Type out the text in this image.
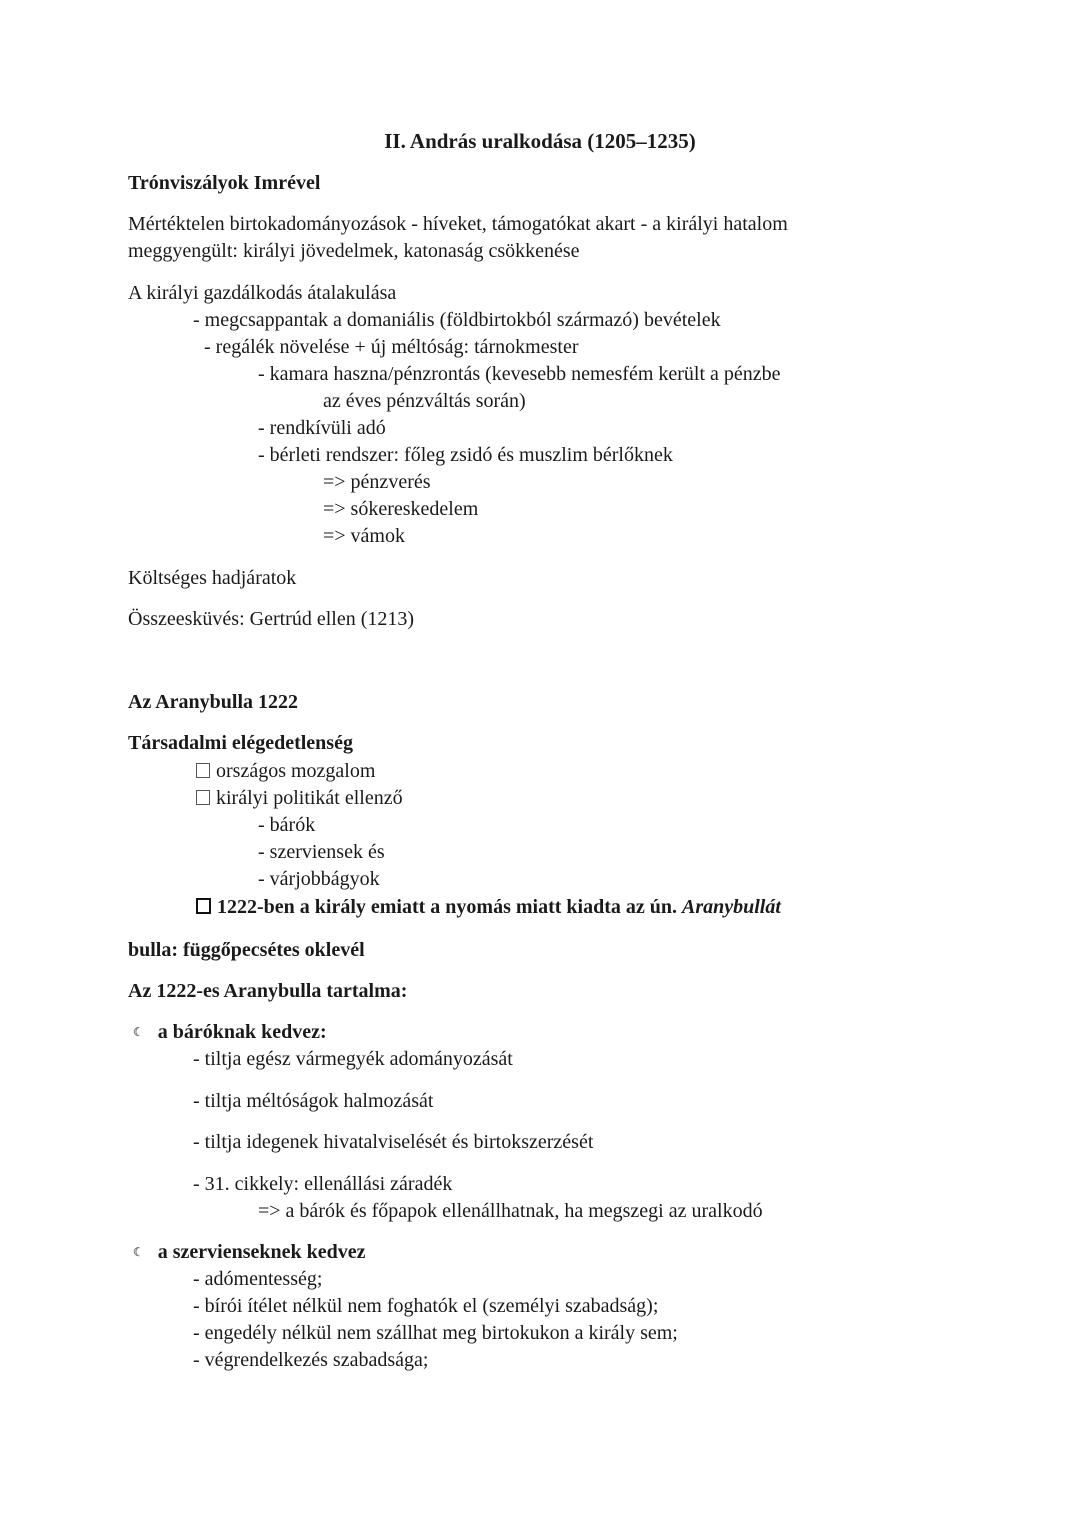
II. András uralkodása (1205–1235)
Trónviszályok Imrével
Mértéktelen birtokadományozások - híveket, támogatókat akart - a királyi hatalom
meggyengült: királyi jövedelmek, katonaság csökkenése
A királyi gazdálkodás átalakulása
- megcsappantak a domaniális (földbirtokból származó) bevételek
- regálék növelése + új méltóság: tárnokmester
- kamara haszna/pénzrontás (kevesebb nemesfém került a pénzbe
az éves pénzváltás során)
- rendkívüli adó
- bérleti rendszer: főleg zsidó és muszlim bérlőknek
=> pénzverés
=> sókereskedelem
=> vámok
Költséges hadjáratok
Összeesküvés: Gertrúd ellen (1213)
Az Aranybulla 1222
Társadalmi elégedetlenség
országos mozgalom
királyi politikát ellenző
- bárók
- szerviensek és
- várjobbágyok
1222-ben a király emiatt a nyomás miatt kiadta az ún. Aranybullát
bulla: függőpecsétes oklevél
Az 1222-es Aranybulla tartalma:
☾ a báróknak kedvez:
- tiltja egész vármegyék adományozását
- tiltja méltóságok halmozását
- tiltja idegenek hivatalviselését és birtokszerzését
- 31. cikkely: ellenállási záradék
=> a bárók és főpapok ellenállhatnak, ha megszegi az uralkodó
☾ a szervienseknek kedvez
- adómentesség;
- bírói ítélet nélkül nem foghatók el (személyi szabadság);
- engedély nélkül nem szállhat meg birtokukon a király sem;
- végrendelkezés szabadsága;
